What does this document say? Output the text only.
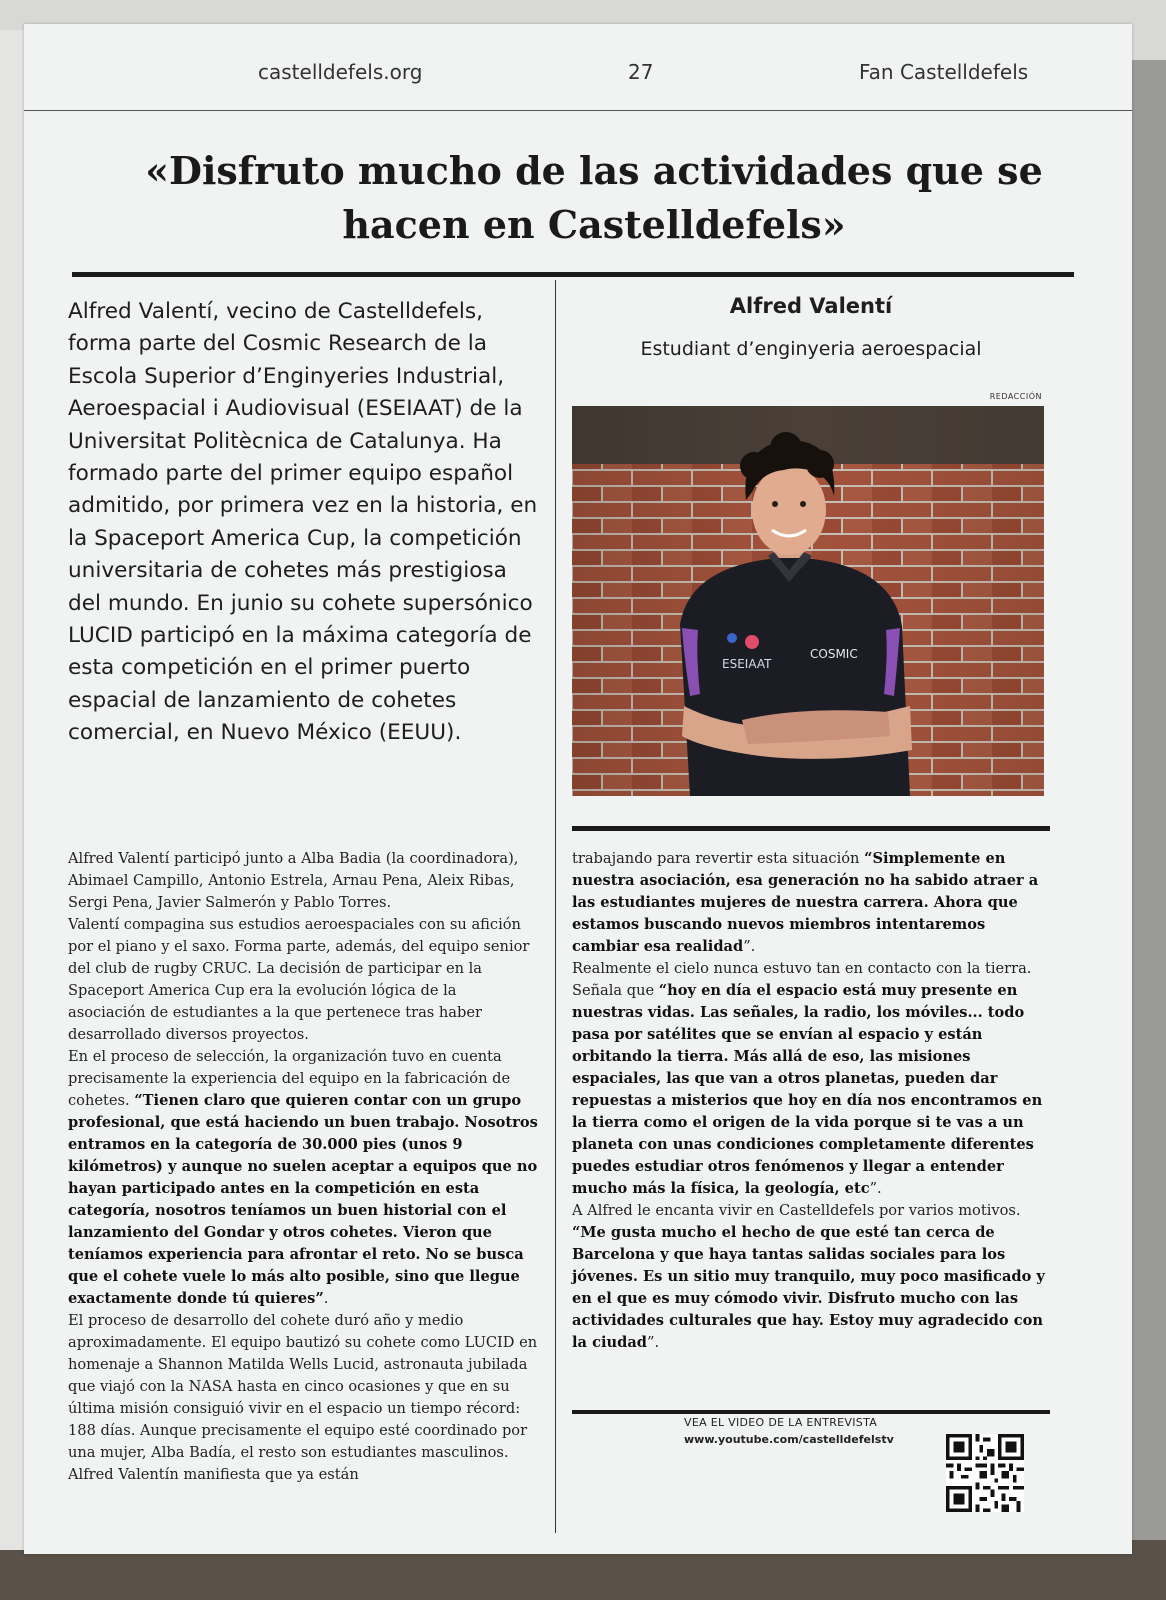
castelldefels.org	27	Fan Castelldefels
«Disfruto mucho de las actividades que se hacen en Castelldefels»

Alfred Valentí, vecino de Castelldefels, forma parte del Cosmic Research de la Escola Superior d’Enginyeries Industrial, Aeroespacial i Audiovisual (ESEIAAT) de la Universitat Politècnica de Catalunya. Ha formado parte del primer equipo español admitido, por primera vez en la historia, en la Spaceport America Cup, la competición universitaria de cohetes más prestigiosa del mundo. En junio su cohete supersónico LUCID participó en la máxima categoría de esta competición en el primer puerto espacial de lanzamiento de cohetes comercial, en Nuevo México (EEUU).

Alfred Valentí
Estudiant d’enginyeria aeroespacial
REDACCIÓN
ESEIAAT
COSMIC

Alfred Valentí participó junto a Alba Badia (la coordinadora), Abimael Campillo, Antonio Estrela, Arnau Pena, Aleix Ribas, Sergi Pena, Javier Salmerón y Pablo Torres.

Valentí compagina sus estudios aeroespaciales con su afición por el piano y el saxo. Forma parte, además, del equipo senior del club de rugby CRUC. La decisión de participar en la Spaceport America Cup era la evolución lógica de la asociación de estudiantes a la que pertenece tras haber desarrollado diversos proyectos.

En el proceso de selección, la organización tuvo en cuenta precisamente la experiencia del equipo en la fabricación de cohetes. “Tienen claro que quieren contar con un grupo profesional, que está haciendo un buen trabajo. Nosotros entramos en la categoría de 30.000 pies (unos 9 kilómetros) y aunque no suelen aceptar a equipos que no hayan participado antes en la competición en esta categoría, nosotros teníamos un buen historial con el lanzamiento del Gondar y otros cohetes. Vieron que teníamos experiencia para afrontar el reto. No se busca que el cohete vuele lo más alto posible, sino que llegue exactamente donde tú quieres”.

El proceso de desarrollo del cohete duró año y medio aproximadamente. El equipo bautizó su cohete como LUCID en homenaje a Shannon Matilda Wells Lucid, astronauta jubilada que viajó con la NASA hasta en cinco ocasiones y que en su última misión consiguió vivir en el espacio un tiempo récord: 188 días. Aunque precisamente el equipo esté coordinado por una mujer, Alba Badía, el resto son estudiantes masculinos. Alfred Valentín manifiesta que ya están

trabajando para revertir esta situación “Simplemente en nuestra asociación, esa generación no ha sabido atraer a las estudiantes mujeres de nuestra carrera. Ahora que estamos buscando nuevos miembros intentaremos cambiar esa realidad”.

Realmente el cielo nunca estuvo tan en contacto con la tierra.

Señala que “hoy en día el espacio está muy presente en nuestras vidas. Las señales, la radio, los móviles... todo pasa por satélites que se envían al espacio y están orbitando la tierra. Más allá de eso, las misiones espaciales, las que van a otros planetas, pueden dar repuestas a misterios que hoy en día nos encontramos en la tierra como el origen de la vida porque si te vas a un planeta con unas condiciones completamente diferentes puedes estudiar otros fenómenos y llegar a entender mucho más la física, la geología, etc”.

A Alfred le encanta vivir en Castelldefels por varios motivos.

“Me gusta mucho el hecho de que esté tan cerca de Barcelona y que haya tantas salidas sociales para los jóvenes. Es un sitio muy tranquilo, muy poco masificado y en el que es muy cómodo vivir. Disfruto mucho con las actividades culturales que hay. Estoy muy agradecido con la ciudad”.

VEA EL VIDEO DE LA ENTREVISTA
www.youtube.com/castelldefelstv
